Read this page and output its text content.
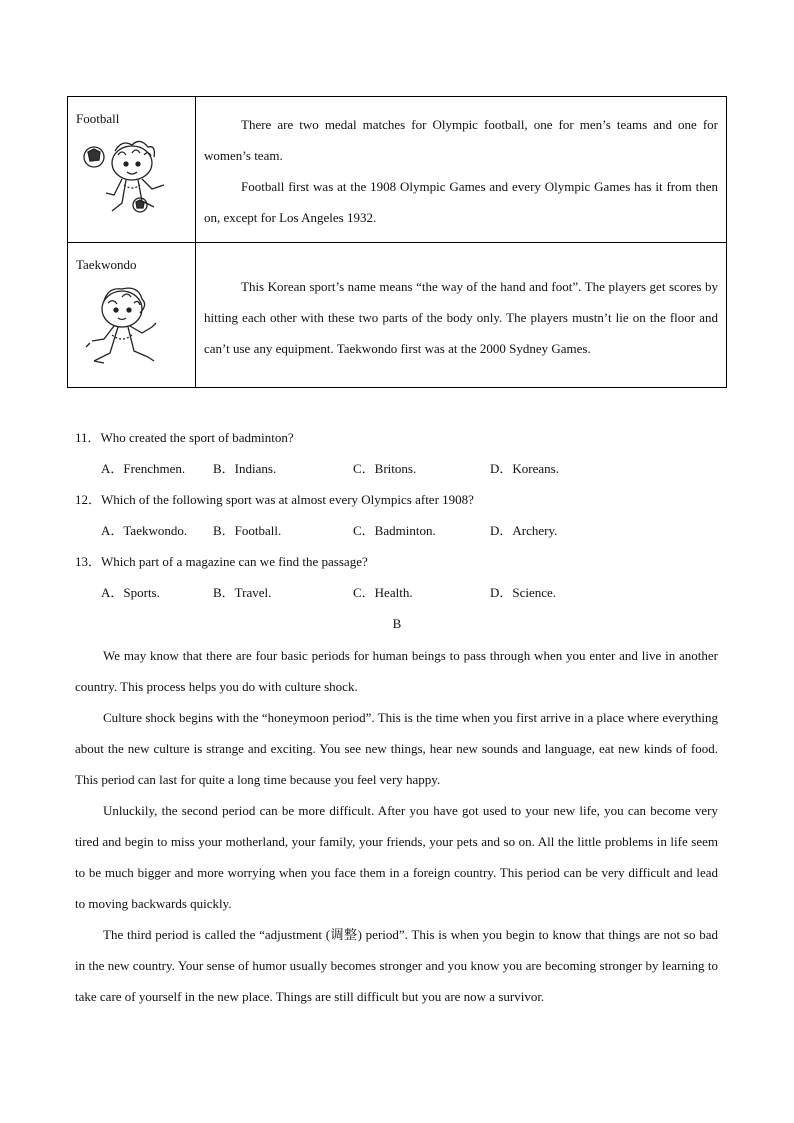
Football	There are two medal matches for Olympic football, one for men’s teams and one for women’s team.

Football first was at the 1908 Olympic Games and every Olympic Games has it from then on, except for Los Angeles 1932.

Taekwondo	This Korean sport’s name means “the way of the hand and foot”. The players get scores by hitting each other with these two parts of the body only. The players mustn’t lie on the floor and can’t use any equipment. Taekwondo first was at the 2000 Sydney Games.

11．Who created the sport of badminton?
A．Frenchmen. B．Indians.	C．Britons.	D．Koreans.
12．Which of the following sport was at almost every Olympics after 1908?
A．Taekwondo. B．Football.	C．Badminton.	D．Archery.
13．Which part of a magazine can we find the passage?
A．Sports.	B．Travel.	C．Health.	D．Science.
B

We may know that there are four basic periods for human beings to pass through when you enter and live in another country. This process helps you do with culture shock.

Culture shock begins with the “honeymoon period”. This is the time when you first arrive in a place where everything about the new culture is strange and exciting. You see new things, hear new sounds and language, eat new kinds of food. This period can last for quite a long time because you feel very happy.

Unluckily, the second period can be more difficult. After you have got used to your new life, you can become very tired and begin to miss your motherland, your family, your friends, your pets and so on. All the little problems in life seem to be much bigger and more worrying when you face them in a foreign country. This period can be very difficult and lead to moving backwards quickly.

The third period is called the “adjustment (调整) period”. This is when you begin to know that things are not so bad in the new country. Your sense of humor usually becomes stronger and you know you are becoming stronger by learning to take care of yourself in the new place. Things are still difficult but you are now a survivor.
